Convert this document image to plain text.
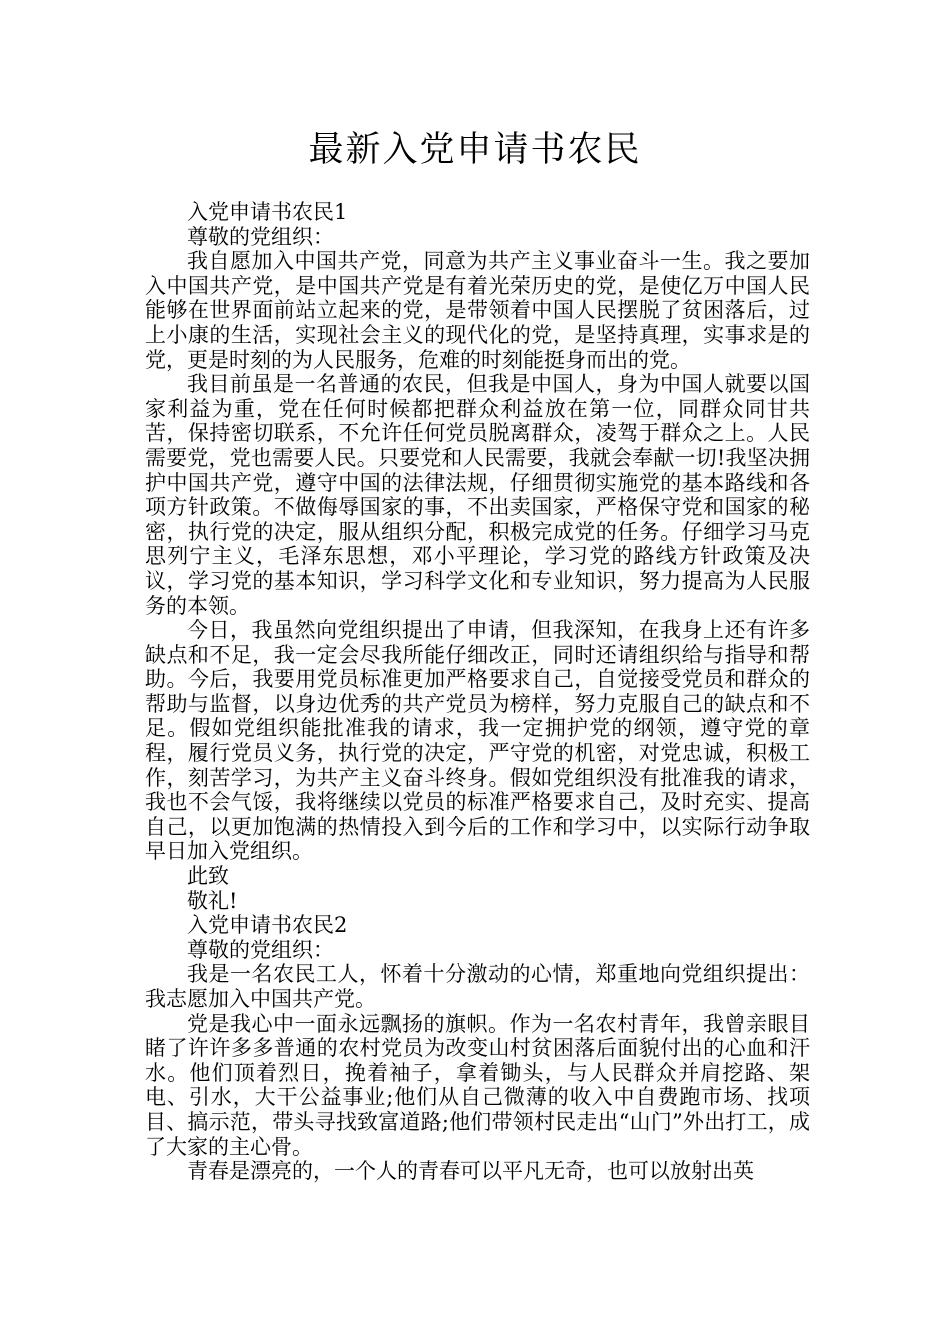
最新入党申请书农民

入党申请书农民1

尊敬的党组织：

我自愿加入中国共产党，同意为共产主义事业奋斗一生。我之要加入中国共产党，是中国共产党是有着光荣历史的党，是使亿万中国人民能够在世界面前站立起来的党，是带领着中国人民摆脱了贫困落后，过上小康的生活，实现社会主义的现代化的党，是坚持真理，实事求是的党，更是时刻的为人民服务，危难的时刻能挺身而出的党。

我目前虽是一名普通的农民，但我是中国人，身为中国人就要以国家利益为重，党在任何时候都把群众利益放在第一位，同群众同甘共苦，保持密切联系，不允许任何党员脱离群众，凌驾于群众之上。人民需要党，党也需要人民。只要党和人民需要，我就会奉献一切!我坚决拥护中国共产党，遵守中国的法律法规，仔细贯彻实施党的基本路线和各项方针政策。不做侮辱国家的事，不出卖国家，严格保守党和国家的秘密，执行党的决定，服从组织分配，积极完成党的任务。仔细学习马克思列宁主义，毛泽东思想，邓小平理论，学习党的路线方针政策及决议，学习党的基本知识，学习科学文化和专业知识，努力提高为人民服务的本领。

今日，我虽然向党组织提出了申请，但我深知，在我身上还有许多缺点和不足，我一定会尽我所能仔细改正，同时还请组织给与指导和帮助。今后，我要用党员标准更加严格要求自己，自觉接受党员和群众的帮助与监督，以身边优秀的共产党员为榜样，努力克服自己的缺点和不足。假如党组织能批准我的请求，我一定拥护党的纲领，遵守党的章程，履行党员义务，执行党的决定，严守党的机密，对党忠诚，积极工作，刻苦学习，为共产主义奋斗终身。假如党组织没有批准我的请求，我也不会气馁，我将继续以党员的标准严格要求自己，及时充实、提高自己，以更加饱满的热情投入到今后的工作和学习中，以实际行动争取早日加入党组织。

此致

敬礼!

入党申请书农民2

尊敬的党组织：

我是一名农民工人，怀着十分激动的心情，郑重地向党组织提出：我志愿加入中国共产党。

党是我心中一面永远飘扬的旗帜。作为一名农村青年，我曾亲眼目睹了许许多多普通的农村党员为改变山村贫困落后面貌付出的心血和汗水。他们顶着烈日，挽着袖子，拿着锄头，与人民群众并肩挖路、架电、引水，大干公益事业;他们从自己微薄的收入中自费跑市场、找项目、搞示范，带头寻找致富道路;他们带领村民走出“山门”外出打工，成了大家的主心骨。

青春是漂亮的，一个人的青春可以平凡无奇，也可以放射出英
